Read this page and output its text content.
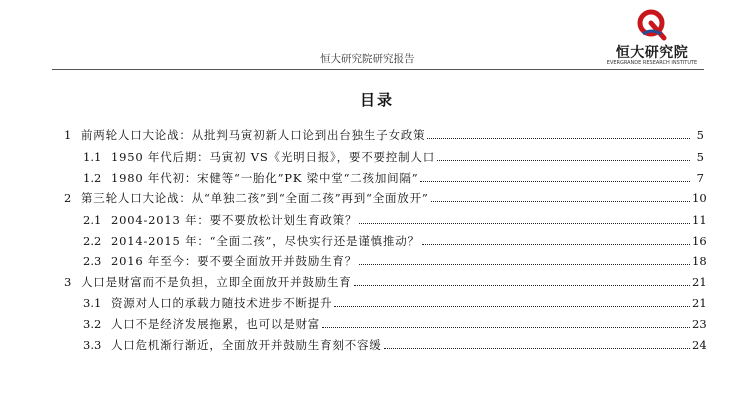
恒大研究院
EVERGRANDE RESEARCH INSTITUTE
恒大研究院研究报告
目录
1 前两轮人口大论战：从批判马寅初新人口论到出台独生子女政策	5
1.1 1950 年代后期：马寅初 VS《光明日报》，要不要控制人口	5
1.2 1980 年代初：宋健等“一胎化”PK 梁中堂“二孩加间隔”	7
2 第三轮人口大论战：从“单独二孩”到“全面二孩”再到“全面放开”	10
2.1 2004-2013 年：要不要放松计划生育政策？	11
2.2 2014-2015 年：“全面二孩”，尽快实行还是谨慎推动？	16
2.3 2016 年至今：要不要全面放开并鼓励生育？	18
3 人口是财富而不是负担，立即全面放开并鼓励生育	21
3.1 资源对人口的承载力随技术进步不断提升	21
3.2 人口不是经济发展拖累，也可以是财富	23
3.3 人口危机渐行渐近，全面放开并鼓励生育刻不容缓	24
